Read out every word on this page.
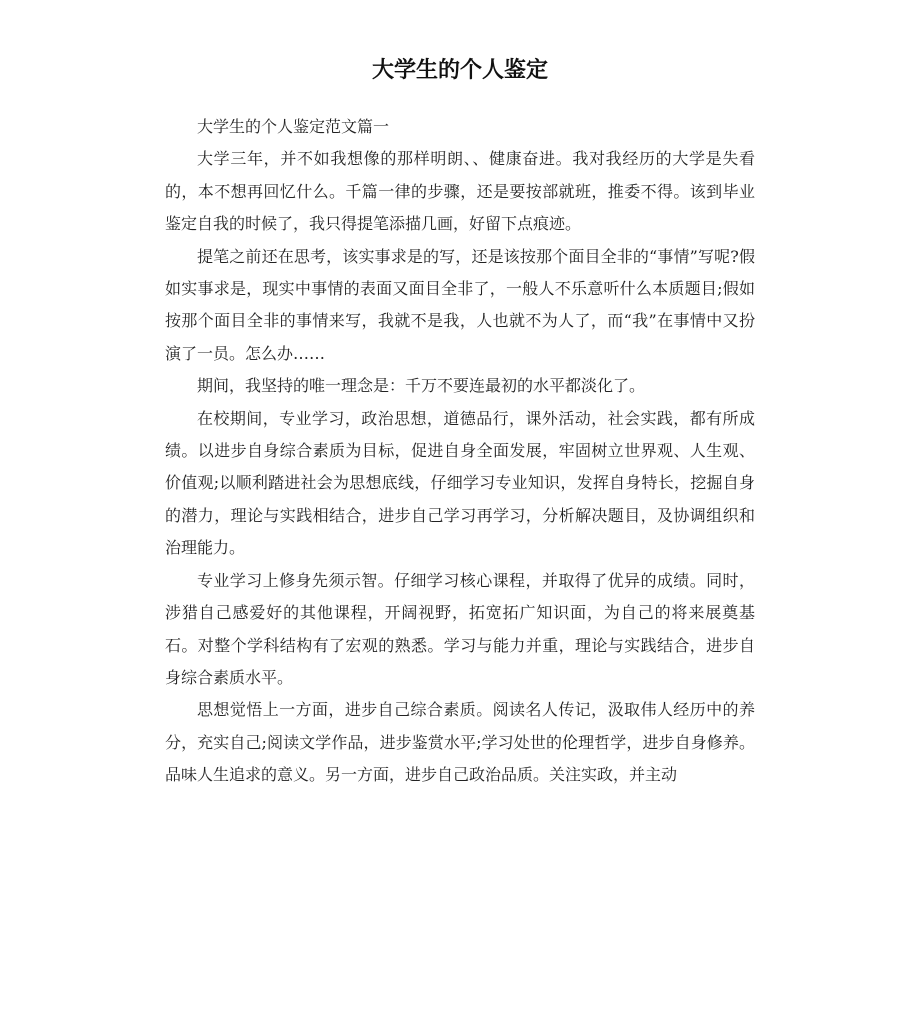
大学生的个人鉴定

大学生的个人鉴定范文篇一

大学三年，并不如我想像的那样明朗、、健康奋进。我对我经历的大学是失看的，本不想再回忆什么。千篇一律的步骤，还是要按部就班，推委不得。该到毕业鉴定自我的时候了，我只得提笔添描几画，好留下点痕迹。

提笔之前还在思考，该实事求是的写，还是该按那个面目全非的“事情”写呢?假如实事求是，现实中事情的表面又面目全非了，一般人不乐意听什么本质题目;假如按那个面目全非的事情来写，我就不是我，人也就不为人了，而“我”在事情中又扮演了一员。怎么办……

期间，我坚持的唯一理念是：千万不要连最初的水平都淡化了。

在校期间，专业学习，政治思想，道德品行，课外活动，社会实践，都有所成绩。以进步自身综合素质为目标，促进自身全面发展，牢固树立世界观、人生观、价值观;以顺利踏进社会为思想底线，仔细学习专业知识，发挥自身特长，挖掘自身的潜力，理论与实践相结合，进步自己学习再学习，分析解决题目，及协调组织和治理能力。

专业学习上修身先须示智。仔细学习核心课程，并取得了优异的成绩。同时，涉猎自己感爱好的其他课程，开阔视野，拓宽拓广知识面，为自己的将来展奠基石。对整个学科结构有了宏观的熟悉。学习与能力并重，理论与实践结合，进步自身综合素质水平。

思想觉悟上一方面，进步自己综合素质。阅读名人传记，汲取伟人经历中的养分，充实自己;阅读文学作品，进步鉴赏水平;学习处世的伦理哲学，进步自身修养。品味人生追求的意义。另一方面，进步自己政治品质。关注实政，并主动
